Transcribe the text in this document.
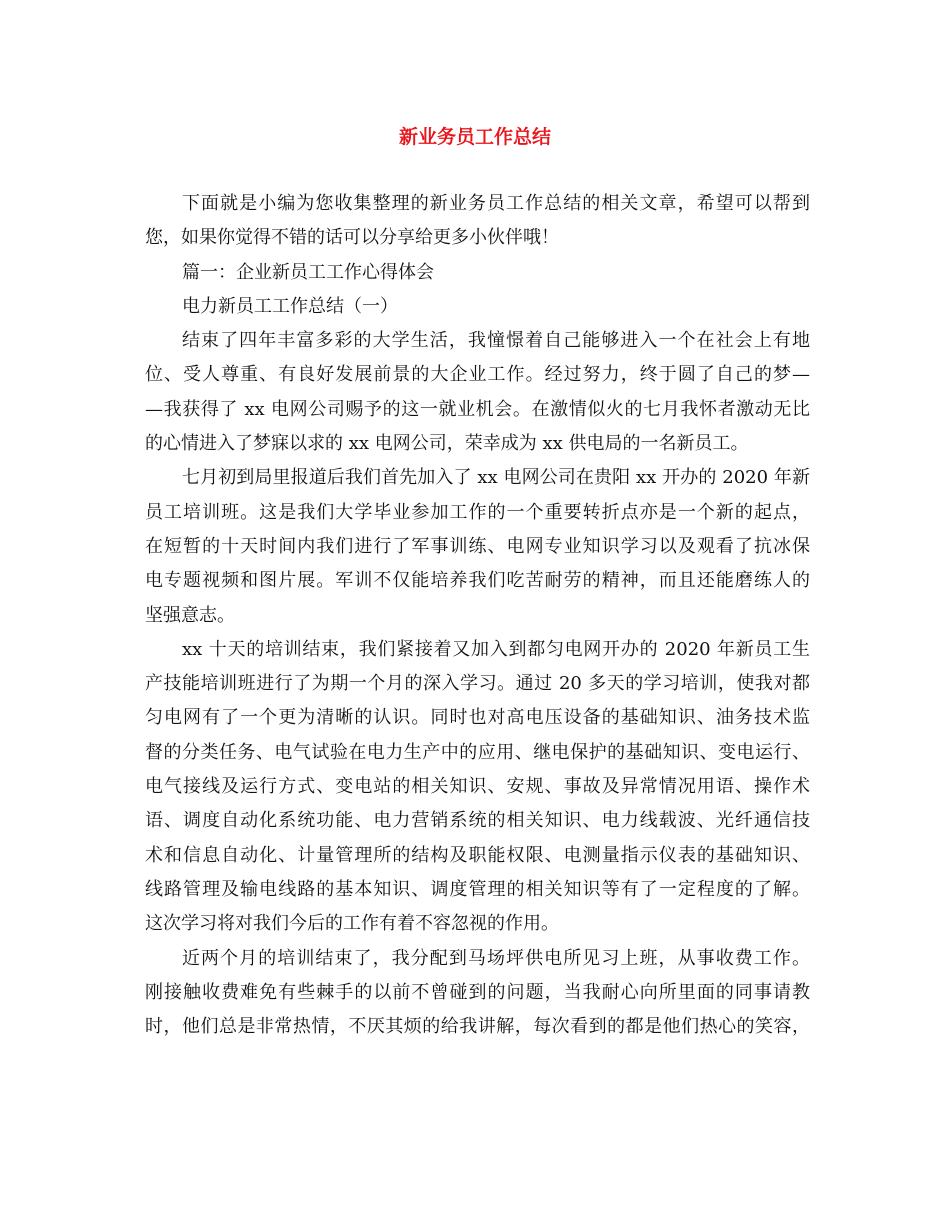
新业务员工作总结
下面就是小编为您收集整理的新业务员工作总结的相关文章，希望可以帮到
您，如果你觉得不错的话可以分享给更多小伙伴哦！
篇一：企业新员工工作心得体会
电力新员工工作总结（一）
结束了四年丰富多彩的大学生活，我憧憬着自己能够进入一个在社会上有地
位、受人尊重、有良好发展前景的大企业工作。经过努力，终于圆了自己的梦—
—我获得了 xx 电网公司赐予的这一就业机会。在激情似火的七月我怀者激动无比
的心情进入了梦寐以求的 xx 电网公司，荣幸成为 xx 供电局的一名新员工。
七月初到局里报道后我们首先加入了 xx 电网公司在贵阳 xx 开办的 2020 年新
员工培训班。这是我们大学毕业参加工作的一个重要转折点亦是一个新的起点，
在短暂的十天时间内我们进行了军事训练、电网专业知识学习以及观看了抗冰保
电专题视频和图片展。军训不仅能培养我们吃苦耐劳的精神，而且还能磨练人的
坚强意志。
xx 十天的培训结束，我们紧接着又加入到都匀电网开办的 2020 年新员工生
产技能培训班进行了为期一个月的深入学习。通过 20 多天的学习培训，使我对都
匀电网有了一个更为清晰的认识。同时也对高电压设备的基础知识、油务技术监
督的分类任务、电气试验在电力生产中的应用、继电保护的基础知识、变电运行、
电气接线及运行方式、变电站的相关知识、安规、事故及异常情况用语、操作术
语、调度自动化系统功能、电力营销系统的相关知识、电力线载波、光纤通信技
术和信息自动化、计量管理所的结构及职能权限、电测量指示仪表的基础知识、
线路管理及输电线路的基本知识、调度管理的相关知识等有了一定程度的了解。
这次学习将对我们今后的工作有着不容忽视的作用。
近两个月的培训结束了，我分配到马场坪供电所见习上班，从事收费工作。
刚接触收费难免有些棘手的以前不曾碰到的问题，当我耐心向所里面的同事请教
时，他们总是非常热情，不厌其烦的给我讲解，每次看到的都是他们热心的笑容，
